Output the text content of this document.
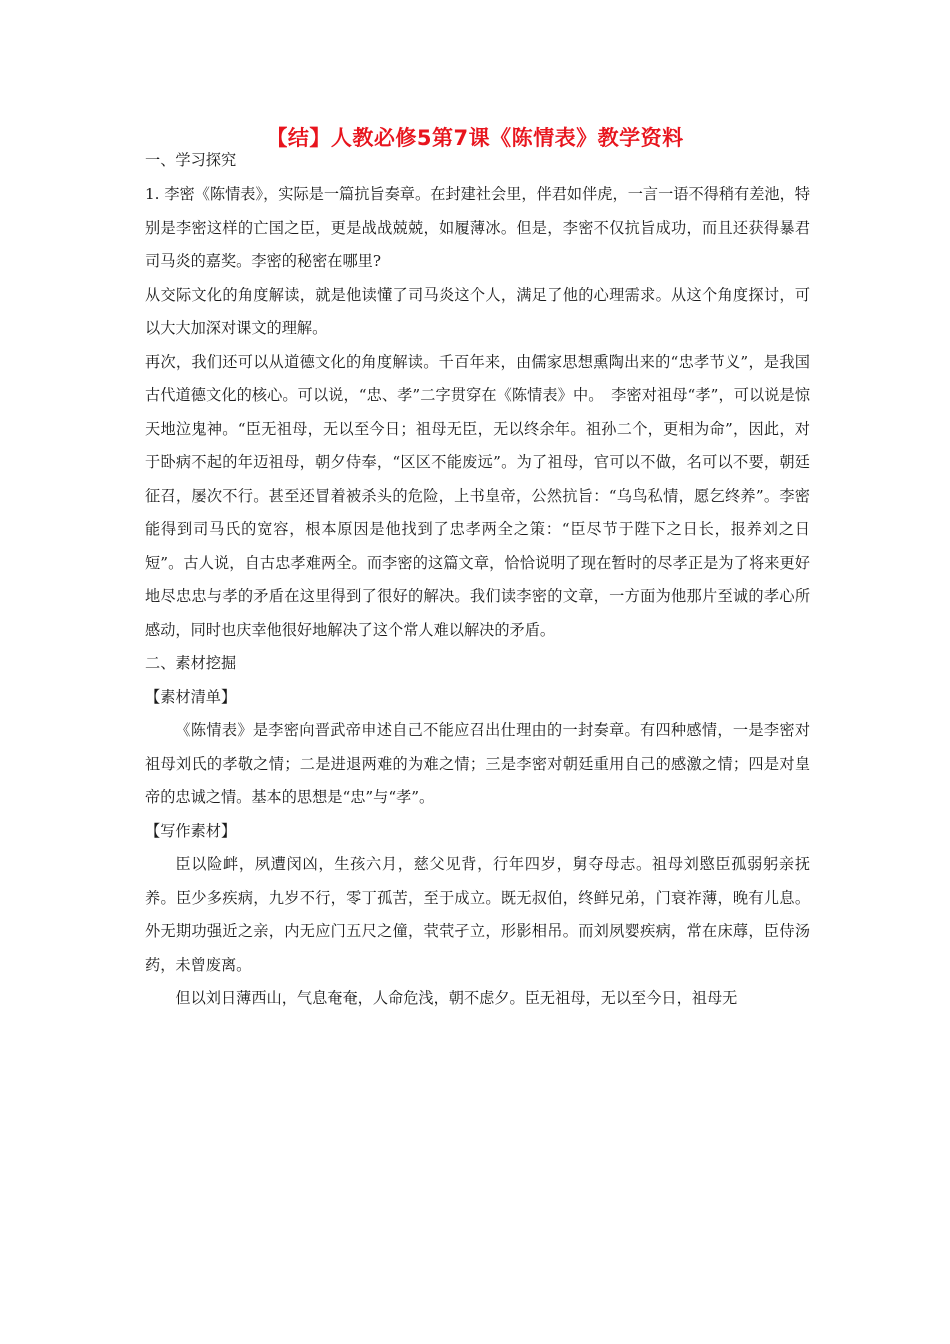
【结】人教必修5第7课《陈情表》教学资料

一、学习探究

1. 李密《陈情表》，实际是一篇抗旨奏章。在封建社会里，伴君如伴虎，一言一语不得稍有差池，特别是李密这样的亡国之臣，更是战战兢兢，如履薄冰。但是，李密不仅抗旨成功，而且还获得暴君司马炎的嘉奖。李密的秘密在哪里?

从交际文化的角度解读，就是他读懂了司马炎这个人，满足了他的心理需求。从这个角度探讨，可以大大加深对课文的理解。

再次，我们还可以从道德文化的角度解读。千百年来，由儒家思想熏陶出来的“忠孝节义”，是我国古代道德文化的核心。可以说，“忠、孝”二字贯穿在《陈情表》中。　李密对祖母“孝”，可以说是惊天地泣鬼神。“臣无祖母，无以至今日；祖母无臣，无以终余年。祖孙二个，更相为命”，因此，对于卧病不起的年迈祖母，朝夕侍奉，“区区不能废远”。为了祖母，官可以不做，名可以不要，朝廷征召，屡次不行。甚至还冒着被杀头的危险，上书皇帝，公然抗旨：“乌鸟私情，愿乞终养”。李密能得到司马氏的宽容，根本原因是他找到了忠孝两全之策：“臣尽节于陛下之日长，报养刘之日短”。古人说，自古忠孝难两全。而李密的这篇文章，恰恰说明了现在暂时的尽孝正是为了将来更好地尽忠忠与孝的矛盾在这里得到了很好的解决。我们读李密的文章，一方面为他那片至诚的孝心所感动，同时也庆幸他很好地解决了这个常人难以解决的矛盾。

二、素材挖掘

【素材清单】

《陈情表》是李密向晋武帝申述自己不能应召出仕理由的一封奏章。有四种感情，一是李密对祖母刘氏的孝敬之情；二是进退两难的为难之情；三是李密对朝廷重用自己的感激之情；四是对皇帝的忠诚之情。基本的思想是“忠”与“孝”。

【写作素材】

臣以险衅，夙遭闵凶，生孩六月，慈父见背，行年四岁，舅夺母志。祖母刘愍臣孤弱躬亲抚养。臣少多疾病，九岁不行，零丁孤苦，至于成立。既无叔伯，终鲜兄弟，门衰祚薄，晚有儿息。外无期功强近之亲，内无应门五尺之僮，茕茕孑立，形影相吊。而刘夙婴疾病，常在床蓐，臣侍汤药，未曾废离。

但以刘日薄西山，气息奄奄，人命危浅，朝不虑夕。臣无祖母，无以至今日，祖母无
